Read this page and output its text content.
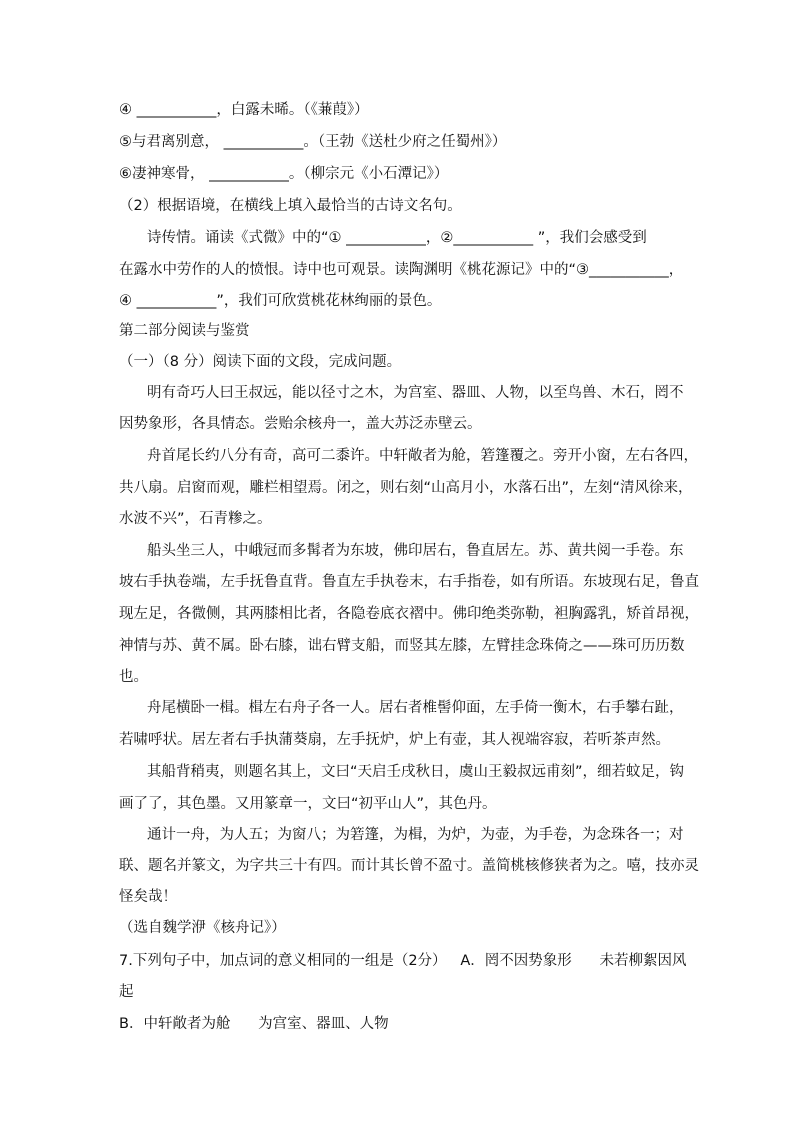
④ ___________，白露未晞。（《蒹葭》）
⑤与君离别意， ___________。（王勃《送杜少府之任蜀州》）
⑥凄神寒骨， ___________。（柳宗元《小石潭记》）
（2）根据语境，在横线上填入最恰当的古诗文名句。
诗传情。诵读《式微》中的“① ___________，②___________ ”，我们会感受到
在露水中劳作的人的愤恨。诗中也可观景。读陶渊明《桃花源记》中的“③___________，
④ ___________”，我们可欣赏桃花林绚丽的景色。
第二部分阅读与鉴赏
（一）（8 分）阅读下面的文段，完成问题。
明有奇巧人曰王叔远，能以径寸之木，为宫室、器皿、人物，以至鸟兽、木石，罔不
因势象形，各具情态。尝贻余核舟一，盖大苏泛赤壁云。
舟首尾长约八分有奇，高可二黍许。中轩敞者为舱，箬篷覆之。旁开小窗，左右各四，
共八扇。启窗而观，雕栏相望焉。闭之，则右刻“山高月小，水落石出”，左刻“清风徐来，
水波不兴”，石青糁之。
船头坐三人，中峨冠而多髯者为东坡，佛印居右，鲁直居左。苏、黄共阅一手卷。东
坡右手执卷端，左手抚鲁直背。鲁直左手执卷末，右手指卷，如有所语。东坡现右足，鲁直
现左足，各微侧，其两膝相比者，各隐卷底衣褶中。佛印绝类弥勒，袒胸露乳，矫首昂视，
神情与苏、黄不属。卧右膝，诎右臂支船，而竖其左膝，左臂挂念珠倚之——珠可历历数
也。
舟尾横卧一楫。楫左右舟子各一人。居右者椎髻仰面，左手倚一衡木，右手攀右趾，
若啸呼状。居左者右手执蒲葵扇，左手抚炉，炉上有壶，其人视端容寂，若听茶声然。
其船背稍夷，则题名其上，文曰“天启壬戌秋日，虞山王毅叔远甫刻”，细若蚊足，钩
画了了，其色墨。又用篆章一，文曰“初平山人”，其色丹。
通计一舟，为人五；为窗八；为箬篷，为楫，为炉，为壶，为手卷，为念珠各一；对
联、题名并篆文，为字共三十有四。而计其长曾不盈寸。盖简桃核修狭者为之。嘻，技亦灵
怪矣哉！
（选自魏学洢《核舟记》）
7.下列句子中，加点词的意义相同的一组是（2分）   A．罔不因势象形      未若柳絮因风
起
B．中轩敞者为舱      为宫室、器皿、人物
